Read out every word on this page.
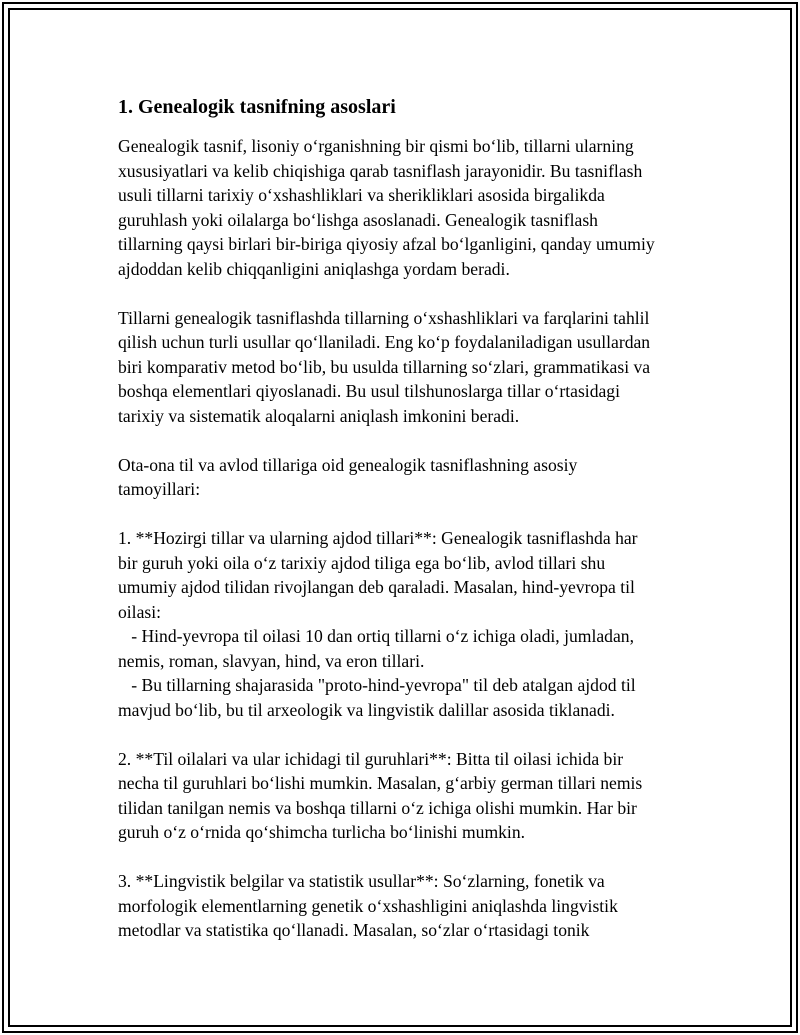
1. Genealogik tasnifning asoslari

Genealogik tasnif, lisoniy o‘rganishning bir qismi bo‘lib, tillarni ularning
xususiyatlari va kelib chiqishiga qarab tasniflash jarayonidir. Bu tasniflash
usuli tillarni tarixiy o‘xshashliklari va sherikliklari asosida birgalikda
guruhlash yoki oilalarga bo‘lishga asoslanadi. Genealogik tasniflash
tillarning qaysi birlari bir-biriga qiyosiy afzal bo‘lganligini, qanday umumiy
ajdoddan kelib chiqqanligini aniqlashga yordam beradi.

Tillarni genealogik tasniflashda tillarning o‘xshashliklari va farqlarini tahlil
qilish uchun turli usullar qo‘llaniladi. Eng ko‘p foydalaniladigan usullardan
biri komparativ metod bo‘lib, bu usulda tillarning so‘zlari, grammatikasi va
boshqa elementlari qiyoslanadi. Bu usul tilshunoslarga tillar o‘rtasidagi
tarixiy va sistematik aloqalarni aniqlash imkonini beradi.

Ota-ona til va avlod tillariga oid genealogik tasniflashning asosiy
tamoyillari:

1. **Hozirgi tillar va ularning ajdod tillari**: Genealogik tasniflashda har
bir guruh yoki oila o‘z tarixiy ajdod tiliga ega bo‘lib, avlod tillari shu
umumiy ajdod tilidan rivojlangan deb qaraladi. Masalan, hind-yevropa til
oilasi:
- Hind-yevropa til oilasi 10 dan ortiq tillarni o‘z ichiga oladi, jumladan,
nemis, roman, slavyan, hind, va eron tillari.
- Bu tillarning shajarasida "proto-hind-yevropa" til deb atalgan ajdod til
mavjud bo‘lib, bu til arxeologik va lingvistik dalillar asosida tiklanadi.

2. **Til oilalari va ular ichidagi til guruhlari**: Bitta til oilasi ichida bir
necha til guruhlari bo‘lishi mumkin. Masalan, g‘arbiy german tillari nemis
tilidan tanilgan nemis va boshqa tillarni o‘z ichiga olishi mumkin. Har bir
guruh o‘z o‘rnida qo‘shimcha turlicha bo‘linishi mumkin.

3. **Lingvistik belgilar va statistik usullar**: So‘zlarning, fonetik va
morfologik elementlarning genetik o‘xshashligini aniqlashda lingvistik
metodlar va statistika qo‘llanadi. Masalan, so‘zlar o‘rtasidagi tonik
